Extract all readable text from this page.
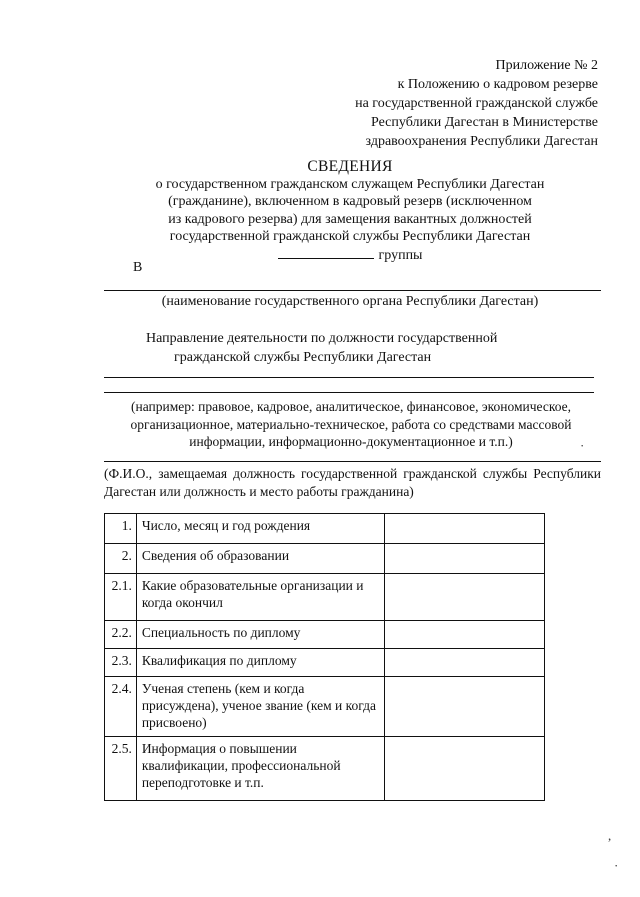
Приложение № 2
к Положению о кадровом резерве
на государственной гражданской службе
Республики Дагестан в Министерстве
здравоохранения Республики Дагестан
СВЕДЕНИЯ
о государственном гражданском служащем Республики Дагестан
(гражданине), включенном в кадровый резерв (исключенном
из кадрового резерва) для замещения вакантных должностей
государственной гражданской службы Республики Дагестан
группы
В
(наименование государственного органа Республики Дагестан)
Направление деятельности по должности государственной
гражданской службы Республики Дагестан
(например: правовое, кадровое, аналитическое, финансовое, экономическое,
организационное, материально-техническое, работа со средствами массовой
информации, информационно-документационное и т.п.)
(Ф.И.О., замещаемая должность государственной гражданской службы Республики Дагестан или должность и место работы гражданина)
1.	Число, месяц и год рождения	
2.	Сведения об образовании	
2.1.	Какие образовательные организации и когда окончил	
2.2.	Специальность по диплому	
2.3.	Квалификация по диплому	
2.4.	Ученая степень (кем и когда присуждена), ученое звание (кем и когда присвоено)	
2.5.	Информация о повышении квалификации, профессиональной переподготовке и т.п.	
·
,
·
